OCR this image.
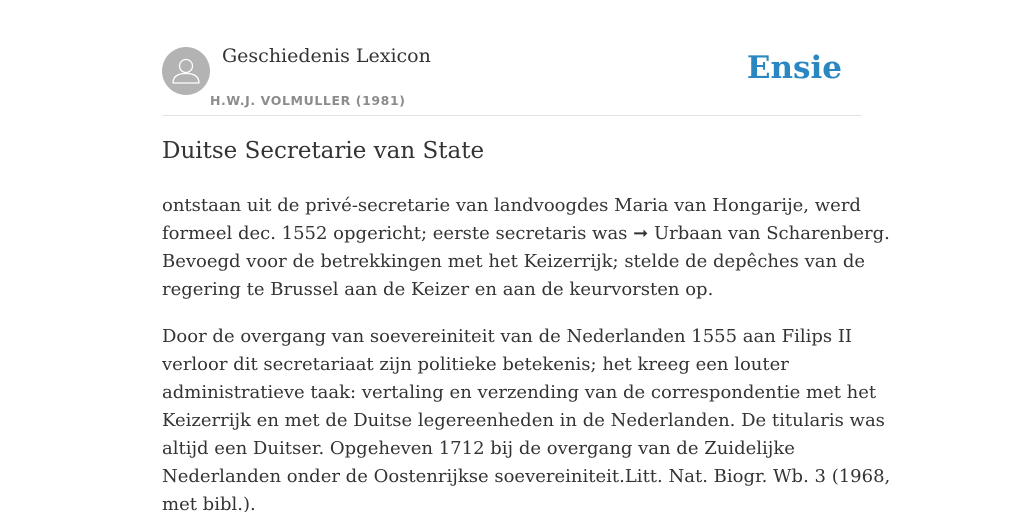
Geschiedenis Lexicon
H.W.J. VOLMULLER (1981)
Ensie
Duitse Secretarie van State

ontstaan uit de privé-secretarie van landvoogdes Maria van Hongarije, werd
formeel dec. 1552 opgericht; eerste secretaris was ➞ Urbaan van Scharenberg.
Bevoegd voor de betrekkingen met het Keizerrijk; stelde de depêches van de
regering te Brussel aan de Keizer en aan de keurvorsten op.

Door de overgang van soevereiniteit van de Nederlanden 1555 aan Filips II
verloor dit secretariaat zijn politieke betekenis; het kreeg een louter
administratieve taak: vertaling en verzending van de correspondentie met het
Keizerrijk en met de Duitse legereenheden in de Nederlanden. De titularis was
altijd een Duitser. Opgeheven 1712 bij de overgang van de Zuidelijke
Nederlanden onder de Oostenrijkse soevereiniteit.Litt. Nat. Biogr. Wb. 3 (1968,
met bibl.).
